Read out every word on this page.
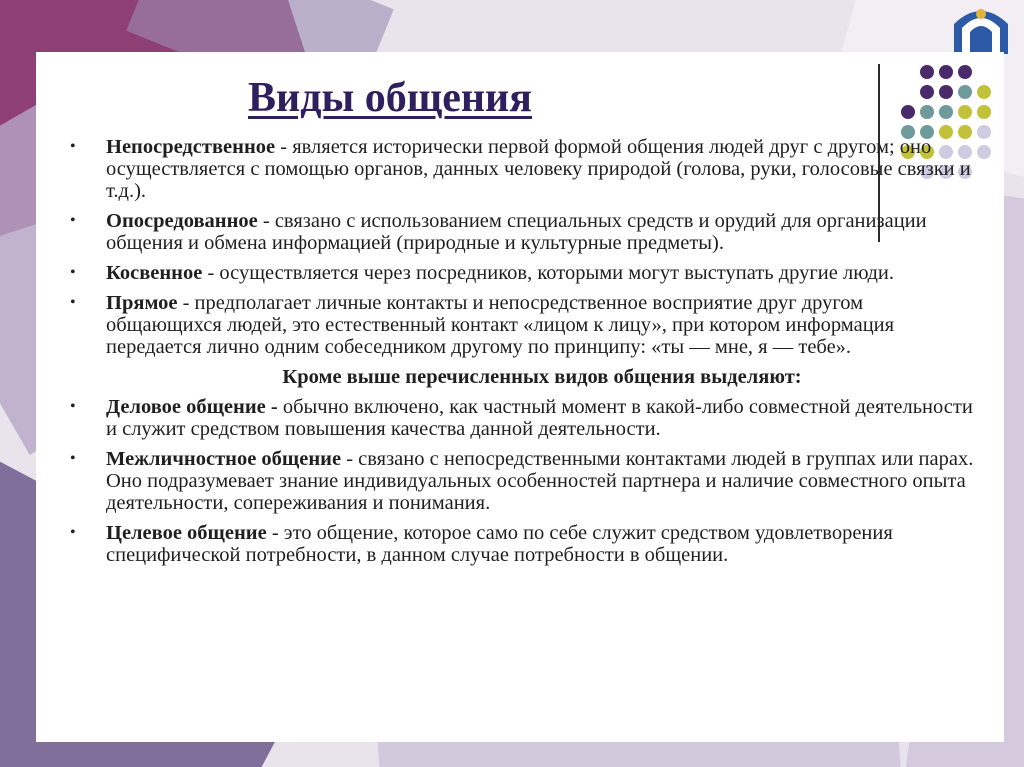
Виды общения
• Непосредственное - является исторически первой формой общения людей друг с другом; оно осуществляется с помощью органов, данных человеку природой (голова, руки, голосовые связки и т.д.).
• Опосредованное - связано с использованием специальных средств и орудий для организации общения и обмена информацией (природные и культурные предметы).
• Косвенное - осуществляется через посредников, которыми могут выступать другие люди.
• Прямое - предполагает личные контакты и непосредственное восприятие друг другом общающихся людей, это естественный контакт «лицом к лицу», при котором информация передается лично одним собеседником другому по принципу: «ты — мне, я — тебе».

Кроме выше перечисленных видов общения выделяют:

• Деловое общение - обычно включено, как частный момент в какой-либо совместной деятельности и служит средством повышения качества данной деятельности.
• Межличностное общение - связано с непосредственными контактами людей в группах или парах. Оно подразумевает знание индивидуальных особенностей партнера и наличие совместного опыта деятельности, сопереживания и понимания.
• Целевое общение - это общение, которое само по себе служит средством удовлетворения специфической потребности, в данном случае потребности в общении.
